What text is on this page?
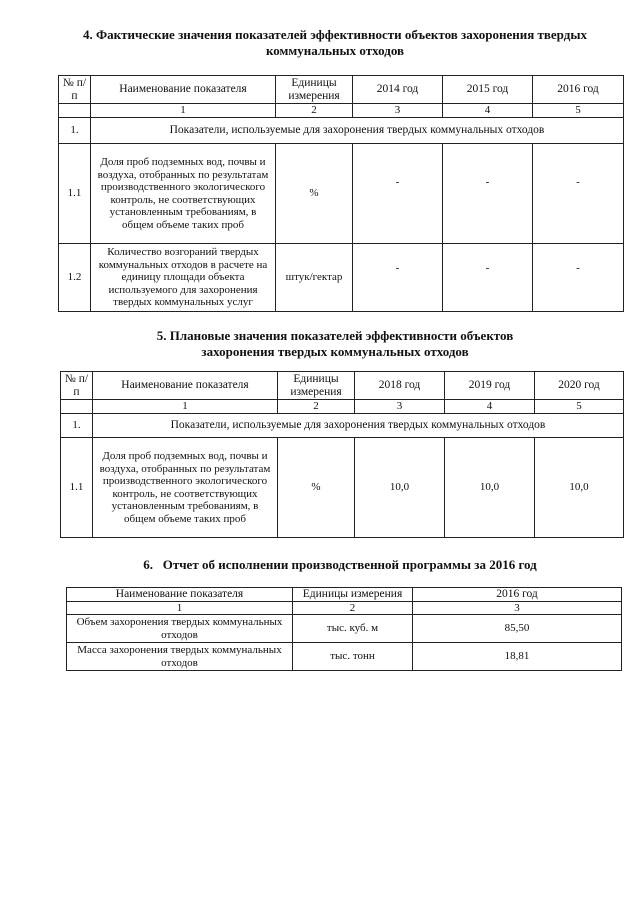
4. Фактические значения показателей эффективности объектов захоронения твердых
коммунальных отходов
№ п/п	Наименование показателя	Единицы измерения	2014 год	2015 год	2016 год
	1	2	3	4	5
1.	Показатели, используемые для захоронения твердых коммунальных отходов				
1.1	Доля проб подземных вод, почвы и воздуха, отобранных по результатам производственного экологического контроль, не соответствующих установленным требованиям, в общем объеме таких проб	%	-	-	-
1.2	Количество возгораний твердых коммунальных отходов в расчете на единицу площади объекта используемого для захоронения твердых коммунальных услуг	штук/гектар	-	-	-
5. Плановые значения показателей эффективности объектов
захоронения твердых коммунальных отходов
№ п/п	Наименование показателя	Единицы измерения	2018 год	2019 год	2020 год
	1	2	3	4	5
1.	Показатели, используемые для захоронения твердых коммунальных отходов				
1.1	Доля проб подземных вод, почвы и воздуха, отобранных по результатам производственного экологического контроль, не соответствующих установленным требованиям, в общем объеме таких проб	%	10,0	10,0	10,0
6.   Отчет об исполнении производственной программы за 2016 год
Наименование показателя	Единицы измерения	2016 год
1	2	3
Объем захоронения твердых коммунальных отходов	тыс. куб. м	85,50
Масса захоронения твердых коммунальных отходов	тыс. тонн	18,81
